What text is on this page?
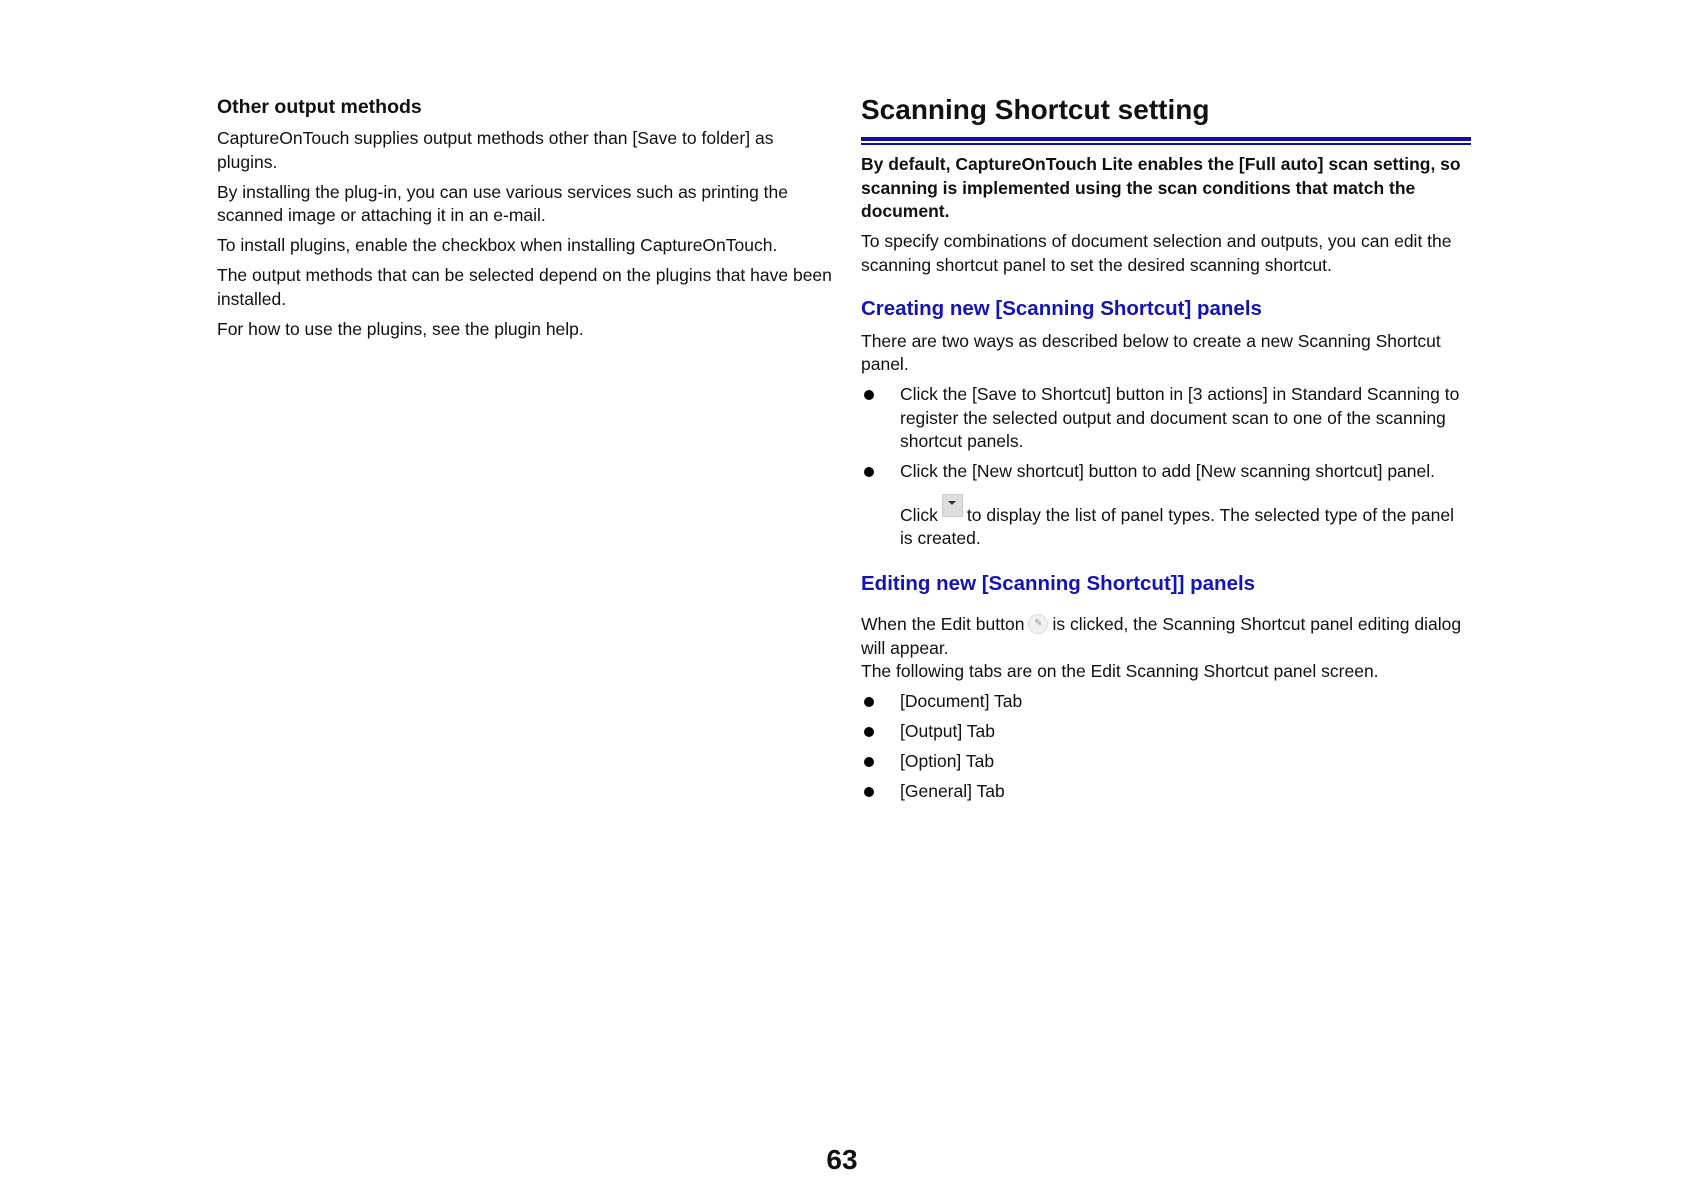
Other output methods

CaptureOnTouch supplies output methods other than [Save to folder] as plugins.

By installing the plug-in, you can use various services such as printing the scanned image or attaching it in an e-mail.

To install plugins, enable the checkbox when installing CaptureOnTouch.

The output methods that can be selected depend on the plugins that have been installed.

For how to use the plugins, see the plugin help.

Scanning Shortcut setting

By default, CaptureOnTouch Lite enables the [Full auto] scan setting, so scanning is implemented using the scan conditions that match the document.

To specify combinations of document selection and outputs, you can edit the scanning shortcut panel to set the desired scanning shortcut.

Creating new [Scanning Shortcut] panels

There are two ways as described below to create a new Scanning Shortcut panel.

Click the [Save to Shortcut] button in [3 actions] in Standard Scanning to register the selected output and document scan to one of the scanning shortcut panels.
Click the [New shortcut] button to add [New scanning shortcut] panel.

Click to display the list of panel types. The selected type of the panel is created.

Editing new [Scanning Shortcut]] panels

When the Edit button ✎ is clicked, the Scanning Shortcut panel editing dialog will appear.

The following tabs are on the Edit Scanning Shortcut panel screen.

[Document] Tab
[Output] Tab
[Option] Tab
[General] Tab
63
